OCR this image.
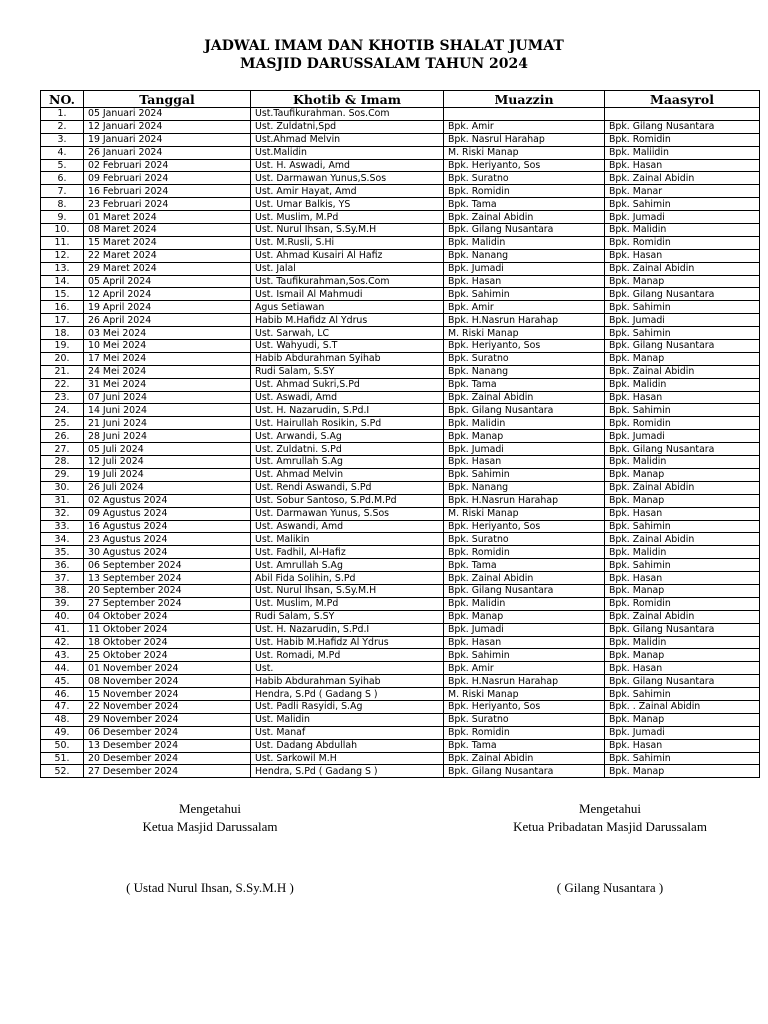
JADWAL IMAM DAN KHOTIB SHALAT JUMAT
MASJID DARUSSALAM TAHUN 2024
NO.	Tanggal	Khotib & Imam	Muazzin	Maasyrol
1.	05 Januari 2024	Ust.Taufikurahman. Sos.Com		
2.	12 Januari 2024	Ust. Zuldatni,Spd	Bpk. Amir	Bpk. Gilang Nusantara
3.	19 Januari 2024	Ust.Ahmad Melvin	Bpk. Nasrul Harahap	Bpk. Romidin
4.	26 Januari 2024	Ust.Malidin	M. Riski Manap	Bpk. Maliidin
5.	02 Februari 2024	Ust. H. Aswadi, Amd	Bpk. Heriyanto, Sos	Bpk. Hasan
6.	09 Februari 2024	Ust. Darmawan Yunus,S.Sos	Bpk. Suratno	Bpk. Zainal Abidin
7.	16 Februari 2024	Ust. Amir Hayat, Amd	Bpk. Romidin	Bpk. Manar
8.	23 Februari 2024	Ust. Umar Balkis, YS	Bpk. Tama	Bpk. Sahimin
9.	01 Maret 2024	Ust. Muslim, M.Pd	Bpk. Zainal Abidin	Bpk. Jumadi
10.	08 Maret 2024	Ust. Nurul Ihsan, S.Sy.M.H	Bpk. Gilang Nusantara	Bpk. Malidin
11.	15 Maret 2024	Ust. M.Rusli, S.Hi	Bpk. Malidin	Bpk. Romidin
12.	22 Maret 2024	Ust. Ahmad Kusairi Al Hafiz	Bpk. Nanang	Bpk. Hasan
13.	29 Maret 2024	Ust. Jalal	Bpk. Jumadi	Bpk. Zainal Abidin
14.	05 April 2024	Ust. Taufikurahman,Sos.Com	Bpk. Hasan	Bpk. Manap
15.	12 April 2024	Ust. Ismail Al Mahmudi	Bpk. Sahimin	Bpk. Gilang Nusantara
16.	19 April 2024	Agus Setiawan	Bpk. Amir	Bpk. Sahimin
17.	26 April 2024	Habib M.Hafidz Al Ydrus	Bpk. H.Nasrun Harahap	Bpk. Jumadi
18.	03 Mei 2024	Ust. Sarwah, LC	M. Riski Manap	Bpk. Sahimin
19.	10 Mei 2024	Ust. Wahyudi, S.T	Bpk. Heriyanto, Sos	Bpk. Gilang Nusantara
20.	17 Mei 2024	Habib Abdurahman Syihab	Bpk. Suratno	Bpk. Manap
21.	24 Mei 2024	Rudi Salam, S.SY	Bpk. Nanang	Bpk. Zainal Abidin
22.	31 Mei 2024	Ust. Ahmad Sukri,S.Pd	Bpk. Tama	Bpk. Malidin
23.	07 Juni 2024	Ust. Aswadi, Amd	Bpk. Zainal Abidin	Bpk. Hasan
24.	14 Juni 2024	Ust. H. Nazarudin, S.Pd.I	Bpk. Gilang Nusantara	Bpk. Sahimin
25.	21 Juni 2024	Ust. Hairullah Rosikin, S.Pd	Bpk. Malidin	Bpk. Romidin
26.	28 Juni 2024	Ust. Arwandi, S.Ag	Bpk. Manap	Bpk. Jumadi
27.	05 Juli 2024	Ust. Zuldatni. S.Pd	Bpk. Jumadi	Bpk. Gilang Nusantara
28.	12 Juli 2024	Ust. Amrullah S.Ag	Bpk. Hasan	Bpk. Malidin
29.	19 Juli 2024	Ust. Ahmad Melvin	Bpk. Sahimin	Bpk. Manap
30.	26 Juli 2024	Ust. Rendi Aswandi, S.Pd	Bpk. Nanang	Bpk. Zainal Abidin
31.	02 Agustus 2024	Ust. Sobur Santoso, S.Pd.M.Pd	Bpk. H.Nasrun Harahap	Bpk. Manap
32.	09 Agustus 2024	Ust. Darmawan Yunus, S.Sos	M. Riski Manap	Bpk. Hasan
33.	16 Agustus 2024	Ust. Aswandi, Amd	Bpk. Heriyanto, Sos	Bpk. Sahimin
34.	23 Agustus 2024	Ust. Malikin	Bpk. Suratno	Bpk. Zainal Abidin
35.	30 Agustus 2024	Ust. Fadhil, Al-Hafiz	Bpk. Romidin	Bpk. Malidin
36.	06 September 2024	Ust. Amrullah S.Ag	Bpk. Tama	Bpk. Sahimin
37.	13 September 2024	Abil Fida Solihin, S.Pd	Bpk. Zainal Abidin	Bpk. Hasan
38.	20 September 2024	Ust. Nurul Ihsan, S.Sy.M.H	Bpk. Gilang Nusantara	Bpk. Manap
39.	27 September 2024	Ust. Muslim, M.Pd	Bpk. Malidin	Bpk. Romidin
40.	04 Oktober 2024	Rudi Salam, S.SY	Bpk. Manap	Bpk. Zainal Abidin
41.	11 Oktober 2024	Ust. H. Nazarudin, S.Pd.I	Bpk. Jumadi	Bpk. Gilang Nusantara
42.	18 Oktober 2024	Ust. Habib M.Hafidz Al Ydrus	Bpk. Hasan	Bpk. Malidin
43.	25 Oktober 2024	Ust. Romadi, M.Pd	Bpk. Sahimin	Bpk. Manap
44.	01 November 2024	Ust.	Bpk. Amir	Bpk. Hasan
45.	08 November 2024	Habib Abdurahman Syihab	Bpk. H.Nasrun Harahap	Bpk. Gilang Nusantara
46.	15 November 2024	Hendra, S.Pd ( Gadang S )	M. Riski Manap	Bpk. Sahimin
47.	22 November 2024	Ust. Padli Rasyidi, S.Ag	Bpk. Heriyanto, Sos	Bpk. . Zainal Abidin
48.	29 November 2024	Ust. Malidin	Bpk. Suratno	Bpk. Manap
49.	06 Desember 2024	Ust. Manaf	Bpk. Romidin	Bpk. Jumadi
50.	13 Desember 2024	Ust. Dadang Abdullah	Bpk. Tama	Bpk. Hasan
51.	20 Desember 2024	Ust. Sarkowil M.H	Bpk. Zainal Abidin	Bpk. Sahimin
52.	27 Desember 2024	Hendra, S.Pd ( Gadang S )	Bpk. Gilang Nusantara	Bpk. Manap
Mengetahui
Ketua Masjid Darussalam
Mengetahui
Ketua Pribadatan Masjid Darussalam
( Ustad Nurul Ihsan, S.Sy.M.H )	( Gilang Nusantara )
